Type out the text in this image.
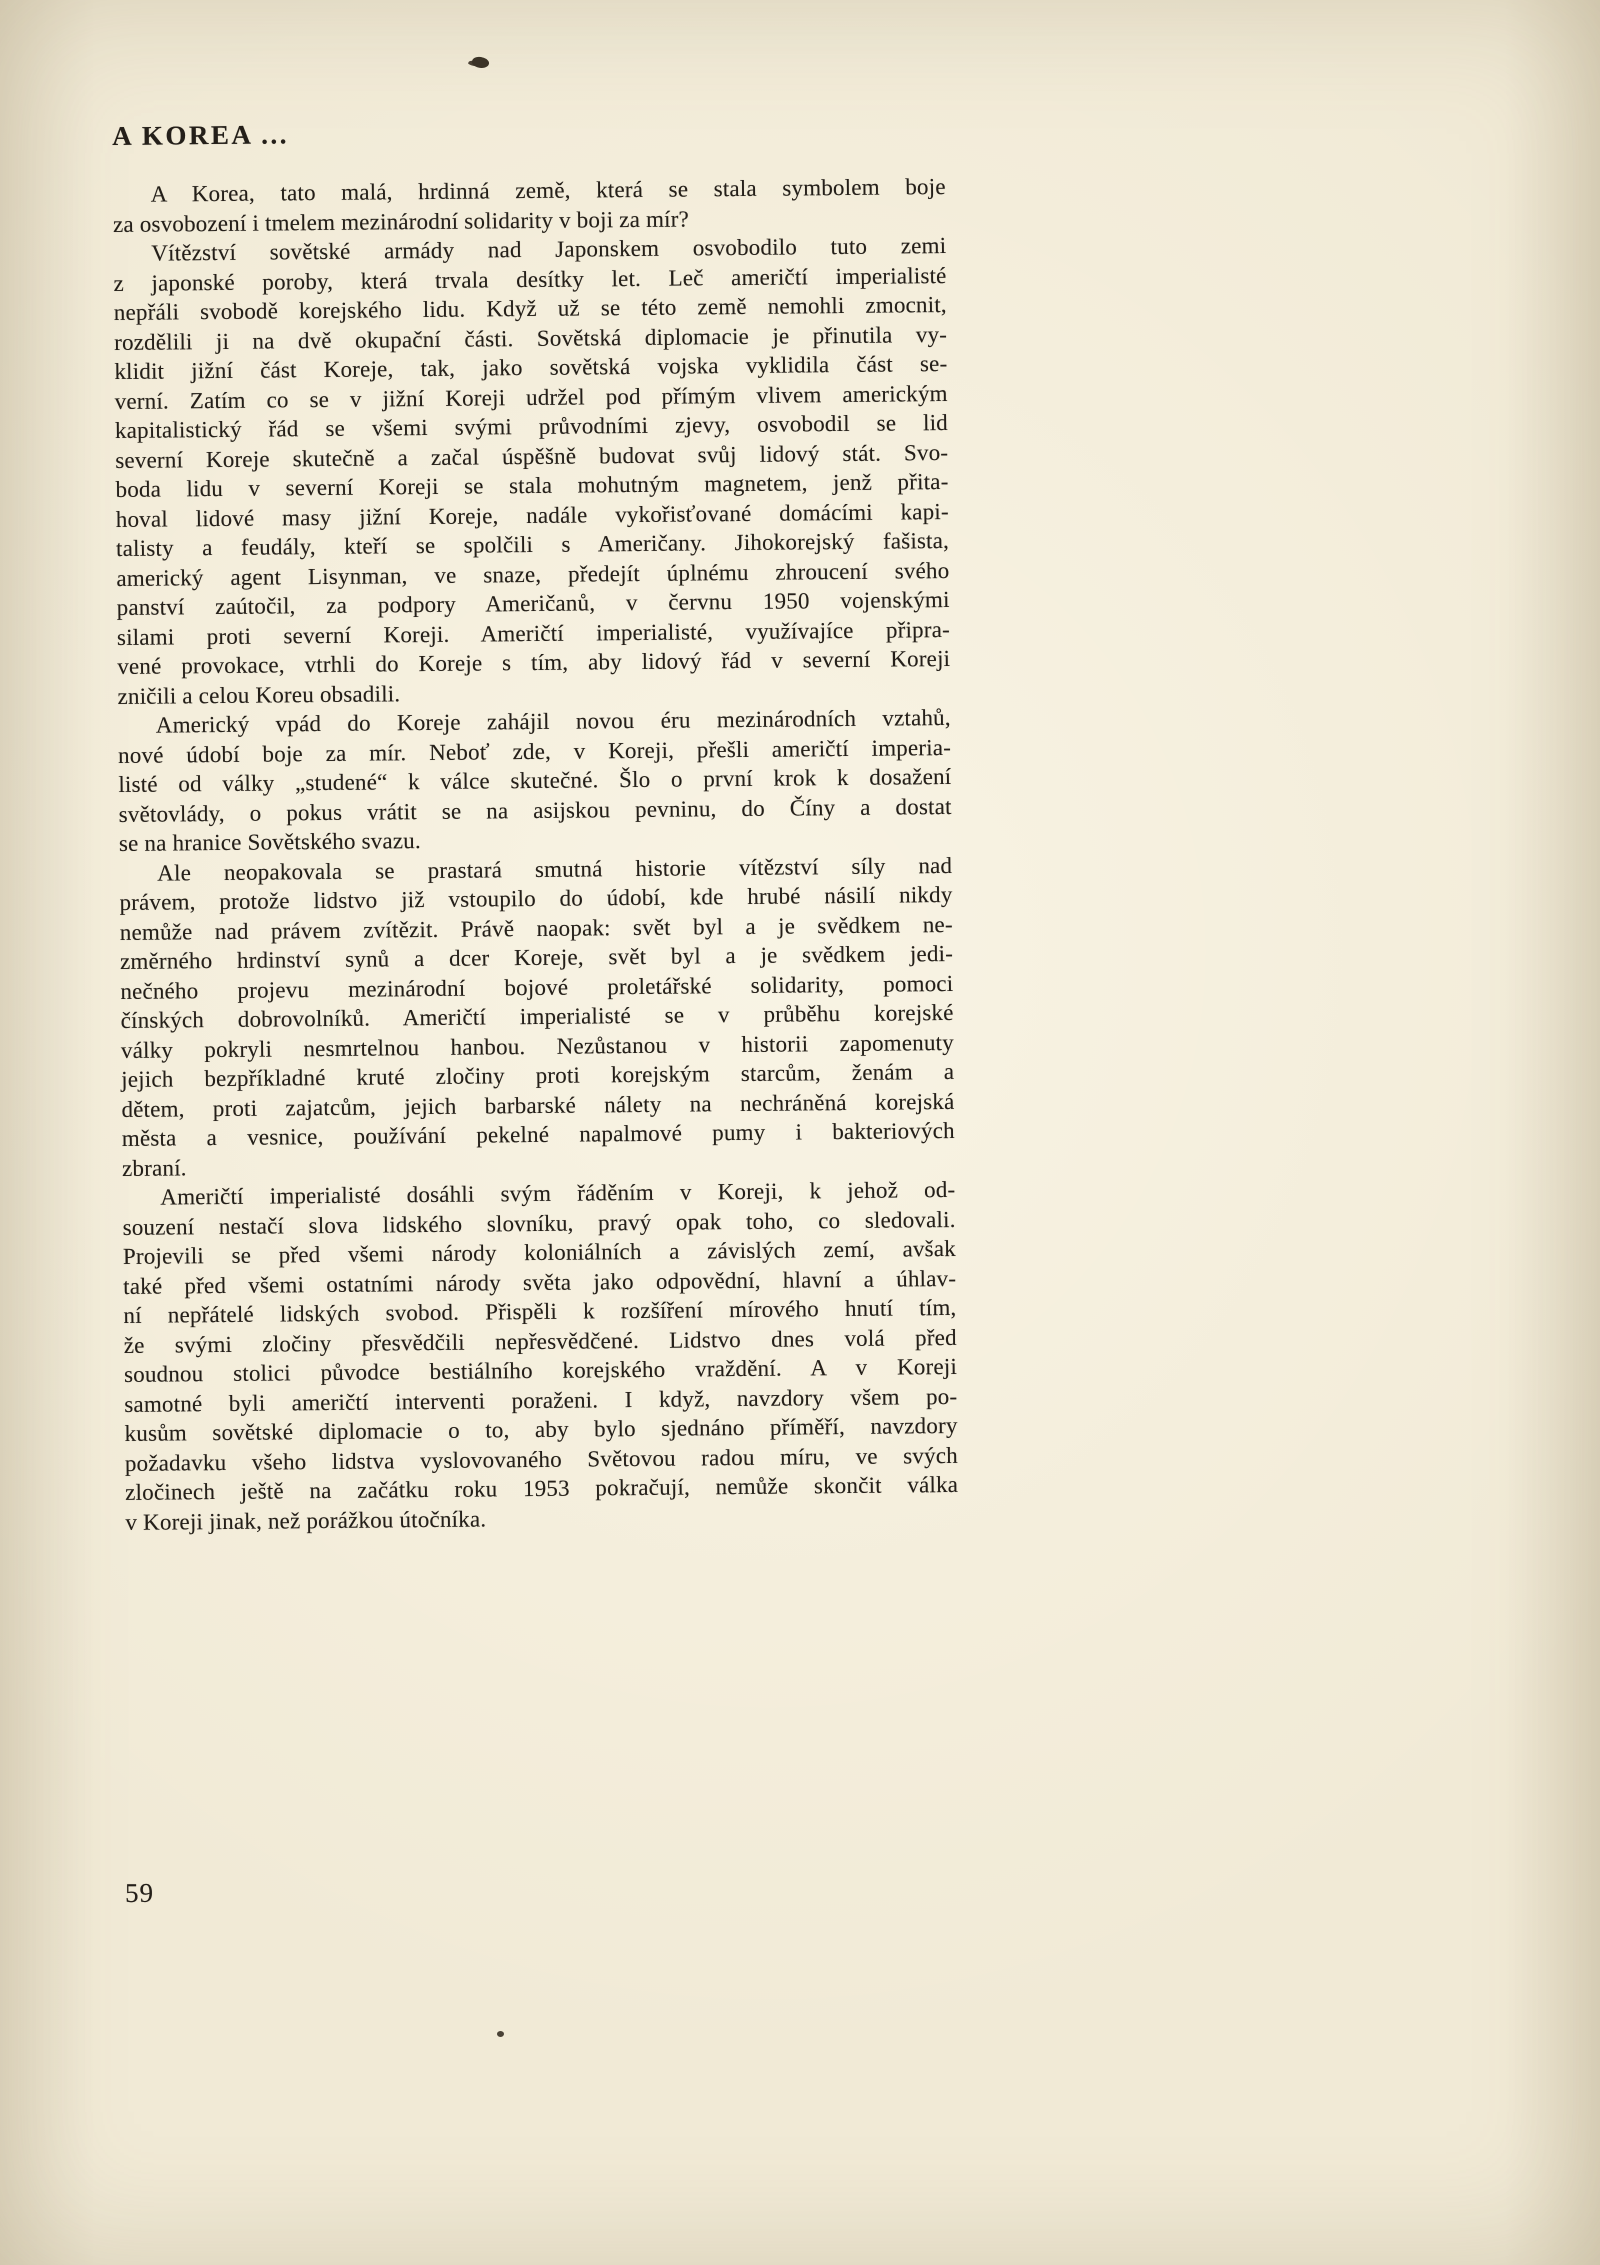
A KOREA ...
A Korea, tato malá, hrdinná země, která se stala symbolem boje
za osvobození i tmelem mezinárodní solidarity v boji za mír?
Vítězství sovětské armády nad Japonskem osvobodilo tuto zemi
z japonské poroby, která trvala desítky let. Leč američtí imperialisté
nepřáli svobodě korejského lidu. Když už se této země nemohli zmocnit,
rozdělili ji na dvě okupační části. Sovětská diplomacie je přinutila vy-
klidit jižní část Koreje, tak, jako sovětská vojska vyklidila část se-
verní. Zatím co se v jižní Koreji udržel pod přímým vlivem americkým
kapitalistický řád se všemi svými průvodními zjevy, osvobodil se lid
severní Koreje skutečně a začal úspěšně budovat svůj lidový stát. Svo-
boda lidu v severní Koreji se stala mohutným magnetem, jenž přita-
hoval lidové masy jižní Koreje, nadále vykořisťované domácími kapi-
talisty a feudály, kteří se spolčili s Američany. Jihokorejský fašista,
americký agent Lisynman, ve snaze, předejít úplnému zhroucení svého
panství zaútočil, za podpory Američanů, v červnu 1950 vojenskými
silami proti severní Koreji. Američtí imperialisté, využívajíce připra-
vené provokace, vtrhli do Koreje s tím, aby lidový řád v severní Koreji
zničili a celou Koreu obsadili.
Americký vpád do Koreje zahájil novou éru mezinárodních vztahů,
nové údobí boje za mír. Neboť zde, v Koreji, přešli američtí imperia-
listé od války „studené“ k válce skutečné. Šlo o první krok k dosažení
světovlády, o pokus vrátit se na asijskou pevninu, do Číny a dostat
se na hranice Sovětského svazu.
Ale neopakovala se prastará smutná historie vítězství síly nad
právem, protože lidstvo již vstoupilo do údobí, kde hrubé násilí nikdy
nemůže nad právem zvítězit. Právě naopak: svět byl a je svědkem ne-
změrného hrdinství synů a dcer Koreje, svět byl a je svědkem jedi-
nečného projevu mezinárodní bojové proletářské solidarity, pomoci
čínských dobrovolníků. Američtí imperialisté se v průběhu korejské
války pokryli nesmrtelnou hanbou. Nezůstanou v historii zapomenuty
jejich bezpříkladné kruté zločiny proti korejským starcům, ženám a
dětem, proti zajatcům, jejich barbarské nálety na nechráněná korejská
města a vesnice, používání pekelné napalmové pumy i bakteriových
zbraní.
Američtí imperialisté dosáhli svým řáděním v Koreji, k jehož od-
souzení nestačí slova lidského slovníku, pravý opak toho, co sledovali.
Projevili se před všemi národy koloniálních a závislých zemí, avšak
také před všemi ostatními národy světa jako odpovědní, hlavní a úhlav-
ní nepřátelé lidských svobod. Přispěli k rozšíření mírového hnutí tím,
že svými zločiny přesvědčili nepřesvědčené. Lidstvo dnes volá před
soudnou stolici původce bestiálního korejského vraždění. A v Koreji
samotné byli američtí interventi poraženi. I když, navzdory všem po-
kusům sovětské diplomacie o to, aby bylo sjednáno příměří, navzdory
požadavku všeho lidstva vyslovovaného Světovou radou míru, ve svých
zločinech ještě na začátku roku 1953 pokračují, nemůže skončit válka
v Koreji jinak, než porážkou útočníka.
59
